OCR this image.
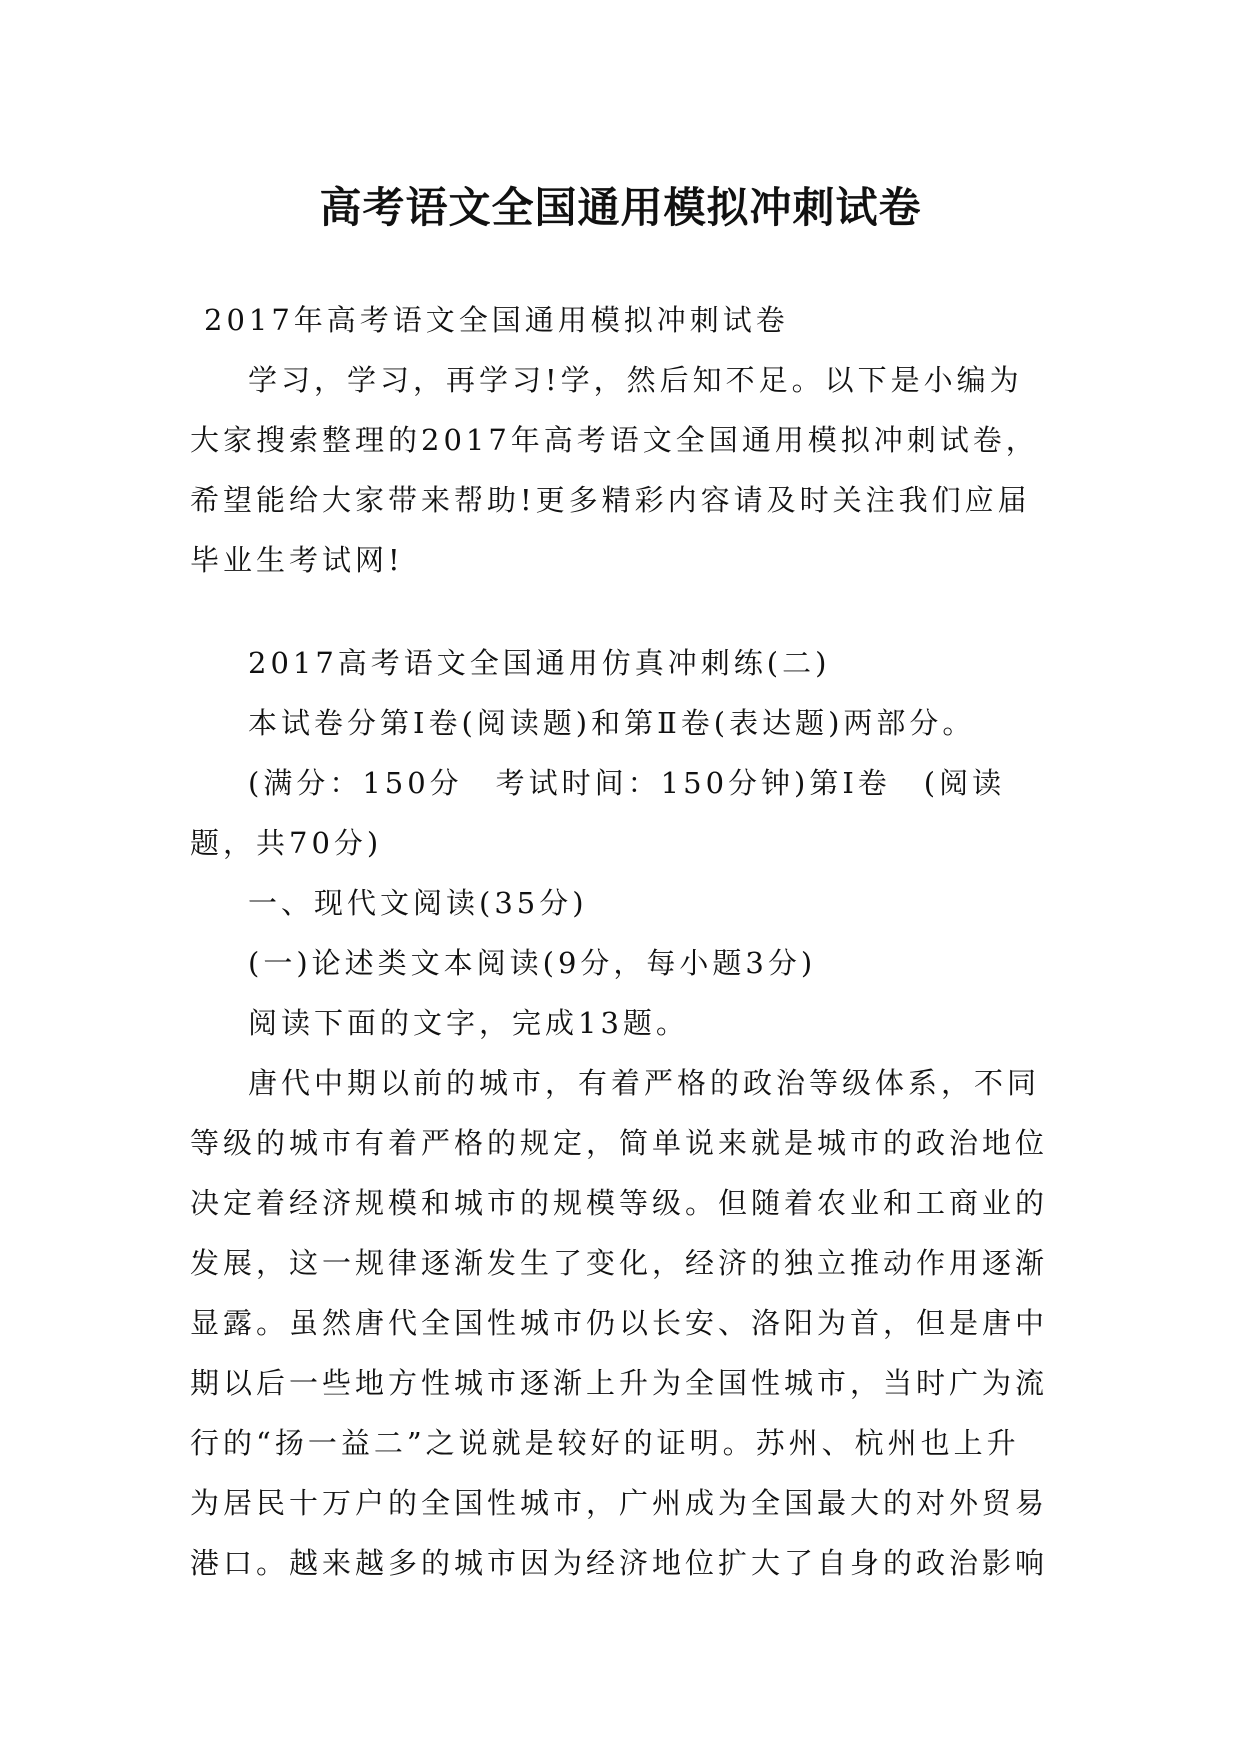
高考语文全国通用模拟冲刺试卷

2017年高考语文全国通用模拟冲刺试卷

学习，学习，再学习!学，然后知不足。以下是小编为大家搜索整理的2017年高考语文全国通用模拟冲刺试卷，希望能给大家带来帮助!更多精彩内容请及时关注我们应届毕业生考试网!

2017高考语文全国通用仿真冲刺练(二)

本试卷分第Ⅰ卷(阅读题)和第Ⅱ卷(表达题)两部分。

(满分：150分　考试时间：150分钟)第Ⅰ卷　(阅读题，共70分)

一、现代文阅读(35分)

(一)论述类文本阅读(9分，每小题3分)

阅读下面的文字，完成13题。

唐代中期以前的城市，有着严格的政治等级体系，不同等级的城市有着严格的规定，简单说来就是城市的政治地位决定着经济规模和城市的规模等级。但随着农业和工商业的发展，这一规律逐渐发生了变化，经济的独立推动作用逐渐显露。虽然唐代全国性城市仍以长安、洛阳为首，但是唐中期以后一些地方性城市逐渐上升为全国性城市，当时广为流行的“扬一益二”之说就是较好的证明。苏州、杭州也上升为居民十万户的全国性城市，广州成为全国最大的对外贸易港口。越来越多的城市因为经济地位扩大了自身的政治影响
